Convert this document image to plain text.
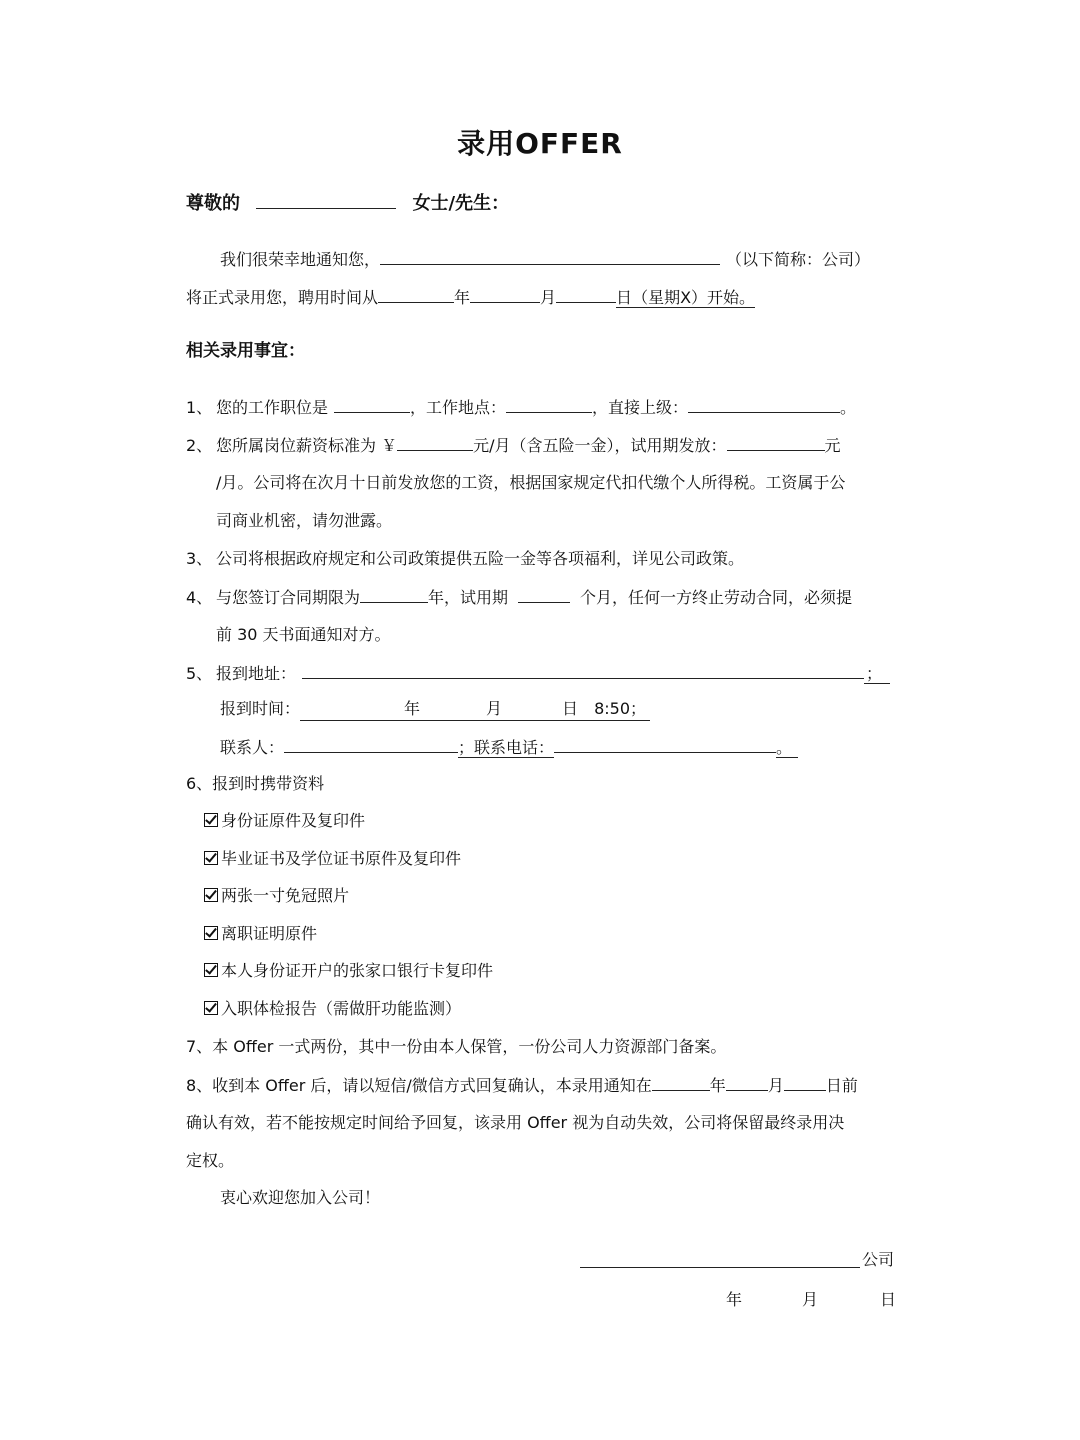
录用OFFER
尊敬的	女士/先生：
我们很荣幸地通知您，	（以下简称：公司）
将正式录用您，聘用时间从	年	月	日（星期X）开始。
相关录用事宜：
1、 您的工作职位是	，工作地点：	，直接上级：	。
2、 您所属岗位薪资标准为 ￥	元/月（含五险一金），试用期发放：	元
/月。公司将在次月十日前发放您的工资，根据国家规定代扣代缴个人所得税。工资属于公
司商业机密，请勿泄露。
3、 公司将根据政府规定和公司政策提供五险一金等各项福利，详见公司政策。
4、 与您签订合同期限为	年，试用期	个月，任何一方终止劳动合同，必须提
前 30 天书面通知对方。
5、 报到地址：	；
报到时间：	年	月	日 8:50；
联系人：	；联系电话：	。
6、报到时携带资料
身份证原件及复印件
毕业证书及学位证书原件及复印件
两张一寸免冠照片
离职证明原件
本人身份证开户的张家口银行卡复印件
入职体检报告（需做肝功能监测）
7、本 Offer 一式两份，其中一份由本人保管，一份公司人力资源部门备案。
8、收到本 Offer 后，请以短信/微信方式回复确认，本录用通知在	年	月	日前
确认有效，若不能按规定时间给予回复，该录用 Offer 视为自动失效，公司将保留最终录用决
定权。
衷心欢迎您加入公司！
公司
年	月	日
